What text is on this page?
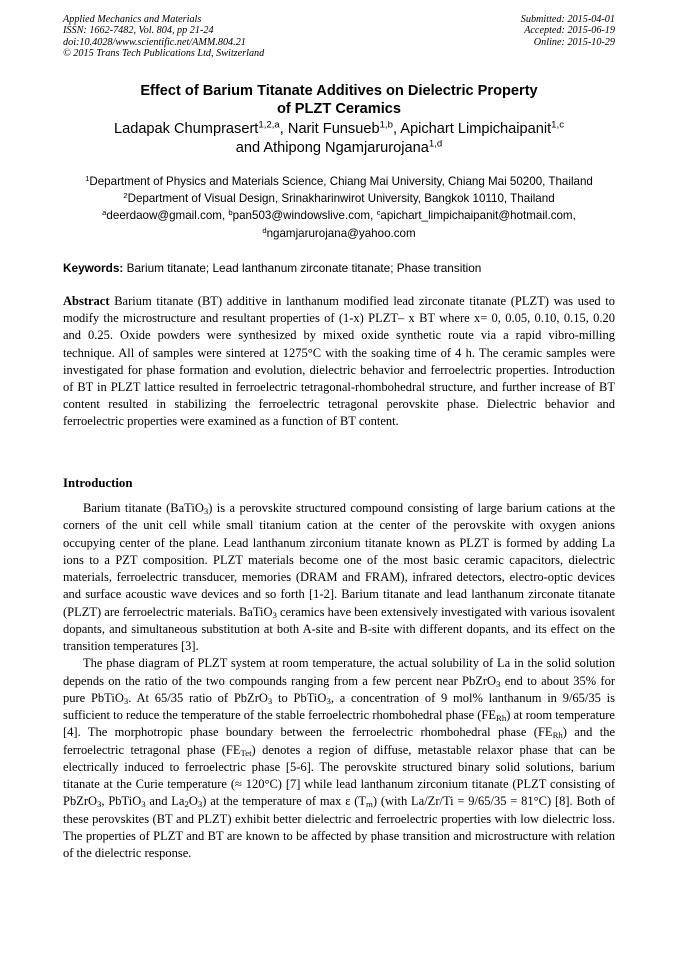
Applied Mechanics and Materials
ISSN: 1662-7482, Vol. 804, pp 21-24
doi:10.4028/www.scientific.net/AMM.804.21
© 2015 Trans Tech Publications Ltd, Switzerland
Submitted: 2015-04-01
Accepted: 2015-06-19
Online: 2015-10-29
Effect of Barium Titanate Additives on Dielectric Property
of PLZT Ceramics
Ladapak Chumprasert$^{1,2,a}$, Narit Funsueb$^{1,b}$, Apichart Limpichaipanit$^{1,c}$
and Athipong Ngamjarurojana$^{1,d}$
$^1$Department of Physics and Materials Science, Chiang Mai University, Chiang Mai 50200, Thailand
$^2$Department of Visual Design, Srinakharinwirot University, Bangkok 10110, Thailand
$^a$deerdaow@gmail.com, $^b$pan503@windowslive.com, $^c$apichart_limpichaipanit@hotmail.com,
$^d$ngamjarurojana@yahoo.com
Keywords: Barium titanate; Lead lanthanum zirconate titanate; Phase transition
Abstract Barium titanate (BT) additive in lanthanum modified lead zirconate titanate (PLZT) was used to modify the microstructure and resultant properties of (1-x) PLZT– x BT where x= 0, 0.05, 0.10, 0.15, 0.20 and 0.25. Oxide powders were synthesized by mixed oxide synthetic route via a rapid vibro-milling technique. All of samples were sintered at 1275°C with the soaking time of 4 h. The ceramic samples were investigated for phase formation and evolution, dielectric behavior and ferroelectric properties. Introduction of BT in PLZT lattice resulted in ferroelectric tetragonal-rhombohedral structure, and further increase of BT content resulted in stabilizing the ferroelectric tetragonal perovskite phase. Dielectric behavior and ferroelectric properties were examined as a function of BT content.
Introduction

Barium titanate (BaTiO$_3$) is a perovskite structured compound consisting of large barium cations at the corners of the unit cell while small titanium cation at the center of the perovskite with oxygen anions occupying center of the plane. Lead lanthanum zirconium titanate known as PLZT is formed by adding La ions to a PZT composition. PLZT materials become one of the most basic ceramic capacitors, dielectric materials, ferroelectric transducer, memories (DRAM and FRAM), infrared detectors, electro-optic devices and surface acoustic wave devices and so forth [1-2]. Barium titanate and lead lanthanum zirconate titanate (PLZT) are ferroelectric materials. BaTiO$_3$ ceramics have been extensively investigated with various isovalent dopants, and simultaneous substitution at both A-site and B-site with different dopants, and its effect on the transition temperatures [3].

The phase diagram of PLZT system at room temperature, the actual solubility of La in the solid solution depends on the ratio of the two compounds ranging from a few percent near PbZrO$_3$ end to about 35% for pure PbTiO$_3$. At 65/35 ratio of PbZrO$_3$ to PbTiO$_3$, a concentration of 9 mol% lanthanum in 9/65/35 is sufficient to reduce the temperature of the stable ferroelectric rhombohedral phase $(FE_{Rh})$ at room temperature [4]. The morphotropic phase boundary between the ferroelectric rhombohedral phase $(FE_{Rh})$ and the ferroelectric tetragonal phase $(FE_{Tet})$ denotes a region of diffuse, metastable relaxor phase that can be electrically induced to ferroelectric phase [5-6]. The perovskite structured binary solid solutions, barium titanate at the Curie temperature (≈ 120°C) [7] while lead lanthanum zirconium titanate (PLZT consisting of PbZrO$_3$, PbTiO$_3$ and $La_2O_3$) at the temperature of max ε $(T_m)$ (with La/Zr/Ti = 9/65/35 = 81°C) [8]. Both of these perovskites (BT and PLZT) exhibit better dielectric and ferroelectric properties with low dielectric loss. The properties of PLZT and BT are known to be affected by phase transition and microstructure with relation of the dielectric response.
